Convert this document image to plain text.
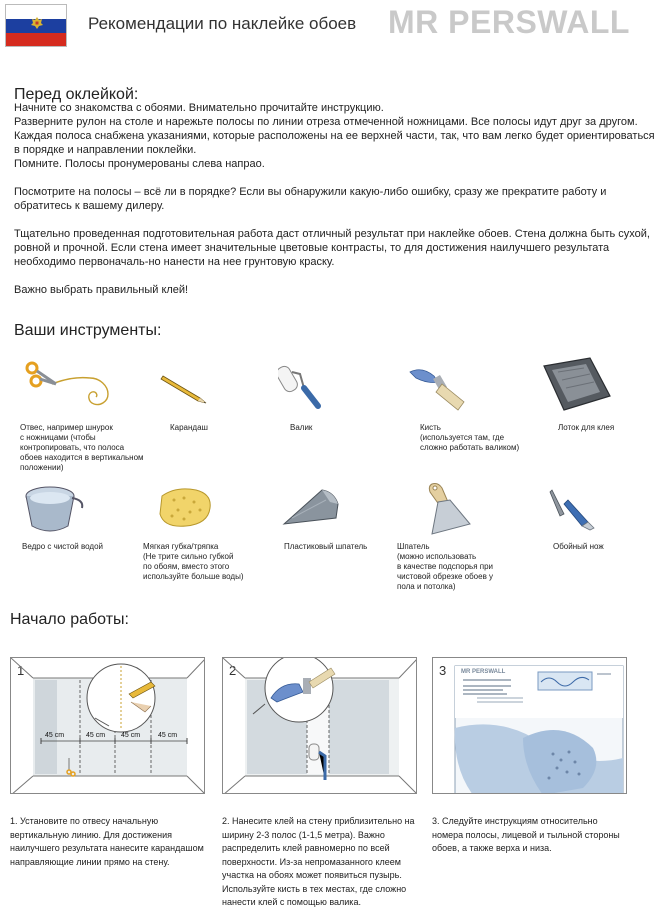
Рекомендации по наклейке обоев MR PERSWALL
Перед оклейкой:

Начните со знакомства с обоями. Внимательно прочитайте инструкцию.
Разверните рулон на столе и нарежьте полосы по линии отреза отмеченной ножницами. Все полосы идут друг за другом. Каждая полоса снабжена указаниями, которые расположены на ее верхней части, так, что вам легко будет ориентироваться в порядке и направлении поклейки.
Помните. Полосы пронумерованы слева напрао.

Посмотрите на полосы – всё ли в порядке? Если вы обнаружили какую-либо ошибку, сразу же прекратите работу и обратитесь к вашему дилеру.

Тщательно проведенная подготовительная работа даст отличный результат при наклейке обоев. Стена должна быть сухой, ровной и прочной. Если стена имеет значительные цветовые контрасты, то для достижения наилучшего результата необходимо первоначаль-но нанести на нее грунтовую краску.

Важно выбрать правильный клей!

Ваши инструменты:
Отвес, например шнурок
с ножницами (чтобы
контропировать, что полоса
обоев находится в вертикальном
положении)
Карандаш	Валик	Кисть
(используется там, где
сложно работать валиком)
Лоток для клея
Ведро с чистой водой	Мягкая губка/тряпка
(Не трите сильно губкой
по обоям, вместо этого
используйте больше воды)
Пластиковый шпатель	Шпатель
(можно использовать
в качестве подспорья при
чистовой обрезке обоев у
пола и потолка)
Обойный нож
Начало работы:
1
45 cm	45 cm 45 cm	45 cm
2	3 MR PERSWALL
1. Установите по отвесу начальную
вертикальную линию. Для достижения
наилучшего результата нанесите карандашом
направляющие линии прямо на стену.
2. Нанесите клей на стену приблизительно на
ширину 2-3 полос (1-1,5 метра). Важно
распределить клей равномерно по всей
поверхности. Из-за непромазанного клеем
участка на обоях может появиться пузырь.
Используйте кисть в тех местах, где сложно
нанести клей с помощью валика.
3. Следуйте инструкциям относительно
номера полосы, лицевой и тыльной стороны
обоев, а также верха и низа.
